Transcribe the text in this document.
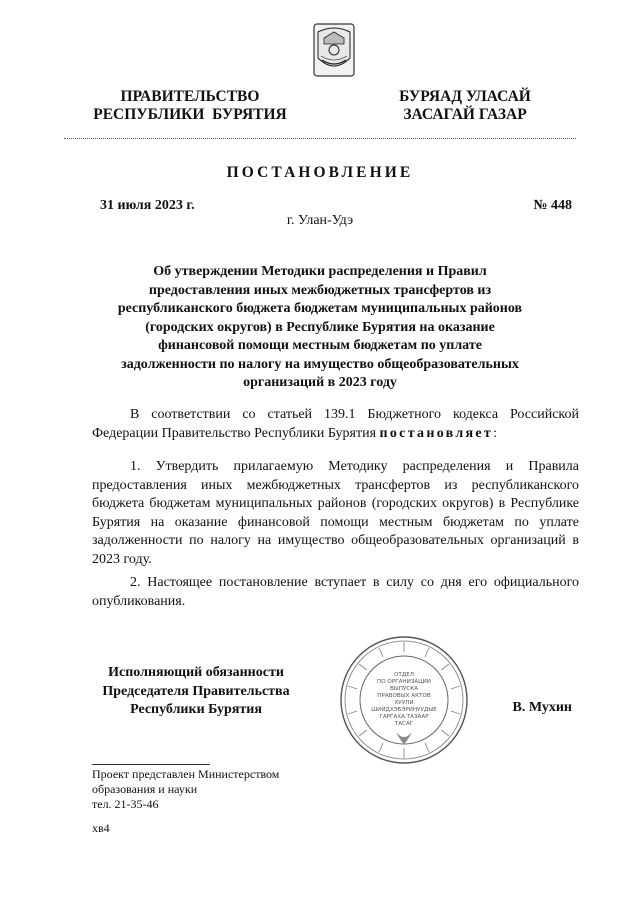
ПРАВИТЕЛЬСТВО
РЕСПУБЛИКИ  БУРЯТИЯ
БУРЯАД УЛАСАЙ
ЗАСАГАЙ ГАЗАР
ПОСТАНОВЛЕНИЕ
31 июля 2023 г.	№ 448
г. Улан-Удэ
Об утверждении Методики распределения и Правил предоставления иных межбюджетных трансфертов из республиканского бюджета бюджетам муниципальных районов (городских округов) в Республике Бурятия на оказание финансовой помощи местным бюджетам по уплате задолженности по налогу на имущество общеобразовательных организаций в 2023 году
В соответствии со статьей 139.1 Бюджетного кодекса Российской Федерации Правительство Республики Бурятия постановляет:
1. Утвердить прилагаемую Методику распределения и Правила предоставления иных межбюджетных трансфертов из республиканского бюджета бюджетам муниципальных районов (городских округов) в Республике Бурятия на оказание финансовой помощи местным бюджетам по уплате задолженности по налогу на имущество общеобразовательных организаций в 2023 году.
2. Настоящее постановление вступает в силу со дня его официального опубликования.
Исполняющий обязанности
Председателя Правительства
Республики Бурятия
ОТДЕЛ
ПО ОРГАНИЗАЦИИ
ВЫПУСКА
ПРАВОВЫХ АКТОВ
ХУУЛИ
ШИЙДХЭБЭРИНУУДЫЕ
ГАРГАХА ТАЗААР
ТАСАГ
В. Мухин
Проект представлен Министерством
образования и науки
тел. 21-35-46
хв4
